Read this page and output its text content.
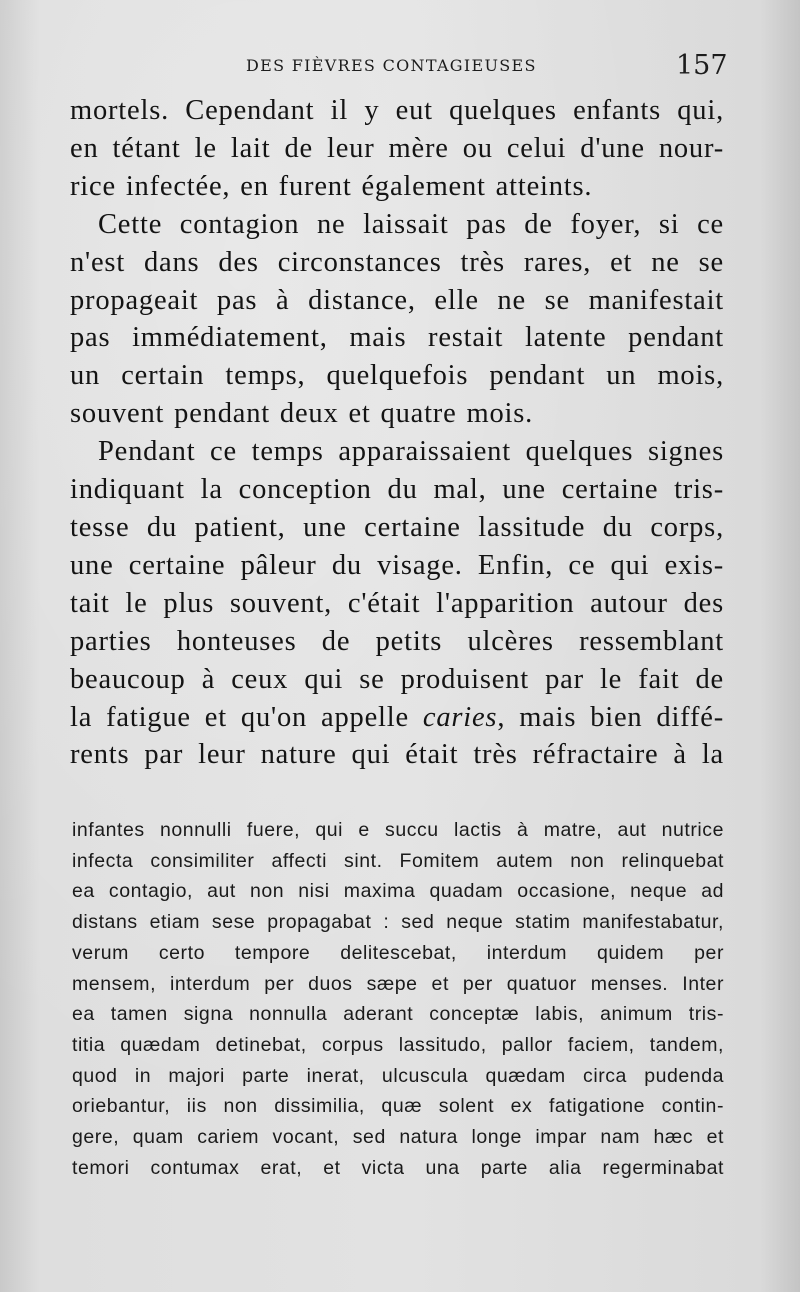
DES FIÈVRES CONTAGIEUSES	157
mortels. Cependant il y eut quelques enfants qui,
en tétant le lait de leur mère ou celui d'une nour-
rice infectée, en furent également atteints.
Cette contagion ne laissait pas de foyer, si ce
n'est dans des circonstances très rares, et ne se
propageait pas à distance, elle ne se manifestait
pas immédiatement, mais restait latente pendant
un certain temps, quelquefois pendant un mois,
souvent pendant deux et quatre mois.
Pendant ce temps apparaissaient quelques signes
indiquant la conception du mal, une certaine tris-
tesse du patient, une certaine lassitude du corps,
une certaine pâleur du visage. Enfin, ce qui exis-
tait le plus souvent, c'était l'apparition autour des
parties honteuses de petits ulcères ressemblant
beaucoup à ceux qui se produisent par le fait de
la fatigue et qu'on appelle caries, mais bien diffé-
rents par leur nature qui était très réfractaire à la
infantes nonnulli fuere, qui e succu lactis à matre, aut nutrice
infecta consimiliter affecti sint. Fomitem autem non relinquebat
ea contagio, aut non nisi maxima quadam occasione, neque ad
distans etiam sese propagabat : sed neque statim manifestabatur,
verum certo tempore delitescebat, interdum quidem per
mensem, interdum per duos sæpe et per quatuor menses. Inter
ea tamen signa nonnulla aderant conceptæ labis, animum tris-
titia quædam detinebat, corpus lassitudo, pallor faciem, tandem,
quod in majori parte inerat, ulcuscula quædam circa pudenda
oriebantur, iis non dissimilia, quæ solent ex fatigatione contin-
gere, quam cariem vocant, sed natura longe impar nam hæc et
temori contumax erat, et victa una parte alia regerminabat
